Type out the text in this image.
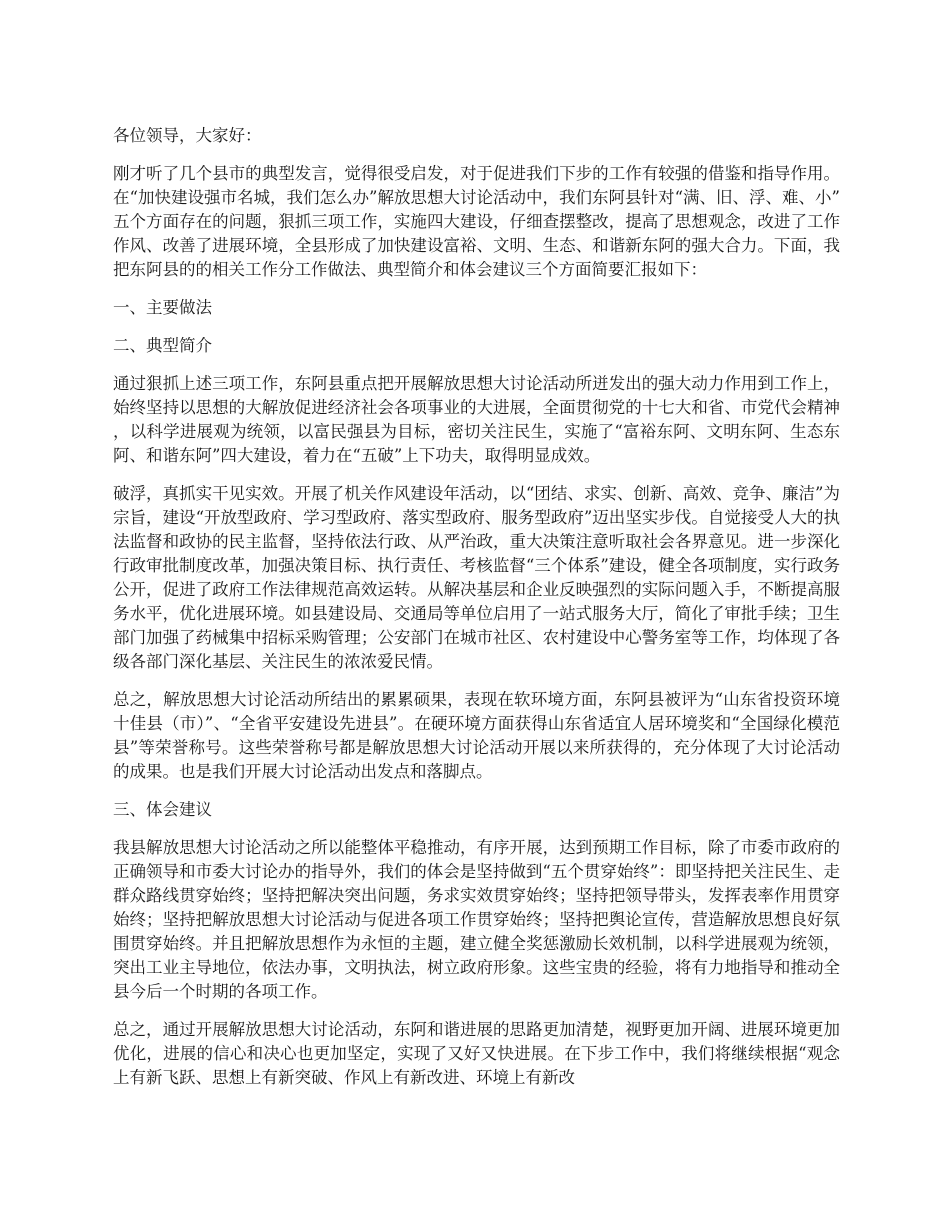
各位领导，大家好：

刚才听了几个县市的典型发言，觉得很受启发，对于促进我们下步的工作有较强的借鉴和指导作用。在“加快建设强市名城，我们怎么办”解放思想大讨论活动中，我们东阿县针对“满、旧、浮、难、小”五个方面存在的问题，狠抓三项工作，实施四大建设，仔细查摆整改，提高了思想观念，改进了工作作风、改善了进展环境，全县形成了加快建设富裕、文明、生态、和谐新东阿的强大合力。下面，我把东阿县的的相关工作分工作做法、典型简介和体会建议三个方面简要汇报如下：

一、主要做法

二、典型简介

通过狠抓上述三项工作，东阿县重点把开展解放思想大讨论活动所迸发出的强大动力作用到工作上，始终坚持以思想的大解放促进经济社会各项事业的大进展，全面贯彻党的十七大和省、市党代会精神，以科学进展观为统领，以富民强县为目标，密切关注民生，实施了“富裕东阿、文明东阿、生态东阿、和谐东阿”四大建设，着力在“五破”上下功夫，取得明显成效。

破浮，真抓实干见实效。开展了机关作风建设年活动，以“团结、求实、创新、高效、竞争、廉洁”为宗旨，建设“开放型政府、学习型政府、落实型政府、服务型政府”迈出坚实步伐。自觉接受人大的执法监督和政协的民主监督，坚持依法行政、从严治政，重大决策注意听取社会各界意见。进一步深化行政审批制度改革，加强决策目标、执行责任、考核监督“三个体系”建设，健全各项制度，实行政务公开，促进了政府工作法律规范高效运转。从解决基层和企业反映强烈的实际问题入手，不断提高服务水平，优化进展环境。如县建设局、交通局等单位启用了一站式服务大厅，简化了审批手续；卫生部门加强了药械集中招标采购管理；公安部门在城市社区、农村建设中心警务室等工作，均体现了各级各部门深化基层、关注民生的浓浓爱民情。

总之，解放思想大讨论活动所结出的累累硕果，表现在软环境方面，东阿县被评为“山东省投资环境十佳县（市）”、“全省平安建设先进县”。在硬环境方面获得山东省适宜人居环境奖和“全国绿化模范县”等荣誉称号。这些荣誉称号都是解放思想大讨论活动开展以来所获得的，充分体现了大讨论活动的成果。也是我们开展大讨论活动出发点和落脚点。

三、体会建议

我县解放思想大讨论活动之所以能整体平稳推动，有序开展，达到预期工作目标，除了市委市政府的正确领导和市委大讨论办的指导外，我们的体会是坚持做到“五个贯穿始终”：即坚持把关注民生、走群众路线贯穿始终；坚持把解决突出问题，务求实效贯穿始终；坚持把领导带头，发挥表率作用贯穿始终；坚持把解放思想大讨论活动与促进各项工作贯穿始终；坚持把舆论宣传，营造解放思想良好氛围贯穿始终。并且把解放思想作为永恒的主题，建立健全奖惩激励长效机制，以科学进展观为统领，突出工业主导地位，依法办事，文明执法，树立政府形象。这些宝贵的经验，将有力地指导和推动全县今后一个时期的各项工作。

总之，通过开展解放思想大讨论活动，东阿和谐进展的思路更加清楚，视野更加开阔、进展环境更加优化，进展的信心和决心也更加坚定，实现了又好又快进展。在下步工作中，我们将继续根据“观念上有新飞跃、思想上有新突破、作风上有新改进、环境上有新改
